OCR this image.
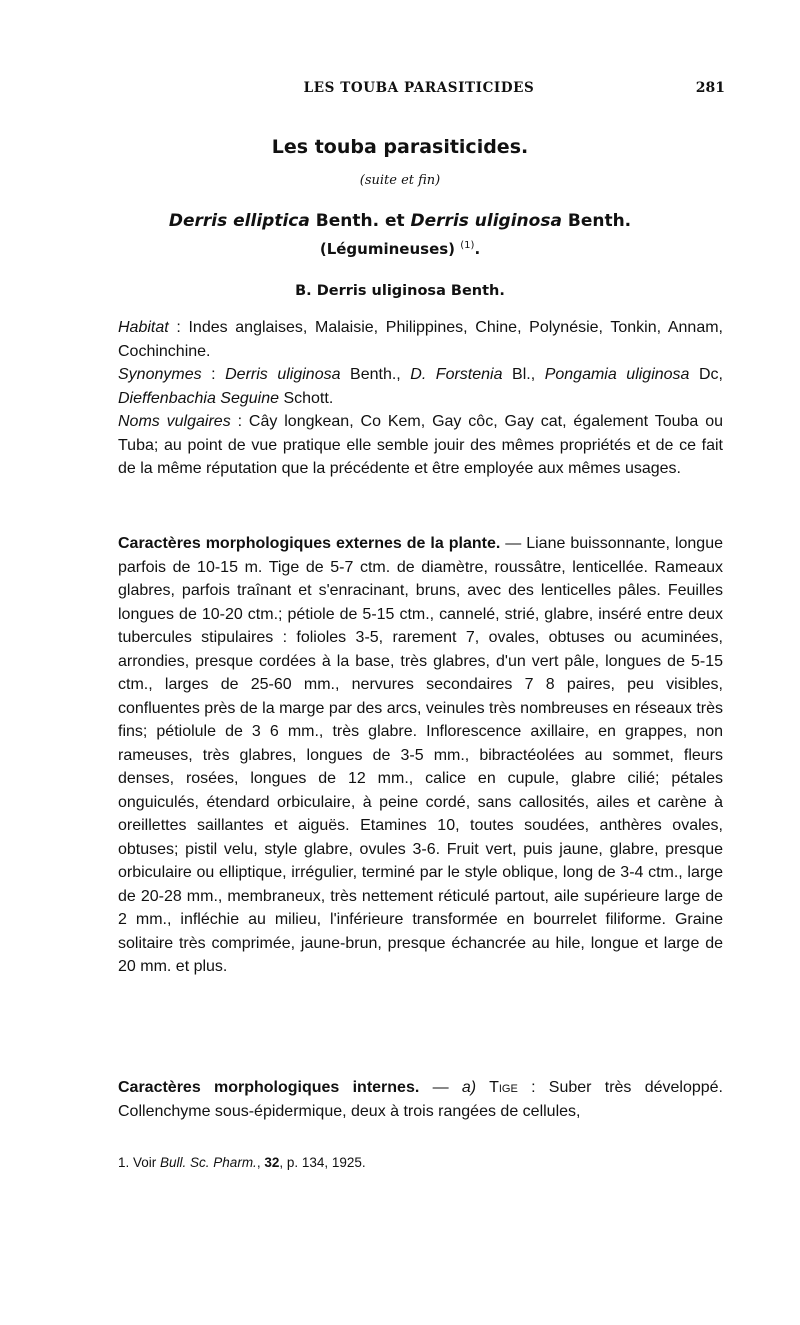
LES TOUBA PARASITICIDES	281
Les touba parasiticides.
(suite et fin)
Derris elliptica Benth. et Derris uliginosa Benth.
(Légumineuses) $^{(1)}$.
B. Derris uliginosa Benth.

Habitat : Indes anglaises, Malaisie, Philippines, Chine, Polynésie, Tonkin, Annam, Cochinchine.

Synonymes : Derris uliginosa Benth., D. Forstenia Bl., Pongamia uliginosa Dc, Dieffenbachia Seguine Schott.

Noms vulgaires : Câу longkean, Co Kem, Gay côc, Gay cat, également Touba ou Tuba; au point de vue pratique elle semble jouir des mêmes propriétés et de ce fait de la même réputation que la précédente et être employée aux mêmes usages.

Caractères morphologiques externes de la plante. — Liane buissonnante, longue parfois de 10-15 m. Tige de 5-7 ctm. de diamètre, roussâtre, lenticellée. Rameaux glabres, parfois traînant et s'enracinant, bruns, avec des lenticelles pâles. Feuilles longues de 10-20 ctm.; pétiole de 5-15 ctm., cannelé, strié, glabre, inséré entre deux tubercules stipulaires : folioles 3-5, rarement 7, ovales, obtuses ou acuminées, arrondies, presque cordées à la base, très glabres, d'un vert pâle, longues de 5-15 ctm., larges de 25-60 mm., nervures secondaires 7 8 paires, peu visibles, confluentes près de la marge par des arcs, veinules très nombreuses en réseaux très fins; pétiolule de 3 6 mm., très glabre. Inflorescence axillaire, en grappes, non rameuses, très glabres, longues de 3-5 mm., bibractéolées au sommet, fleurs denses, rosées, longues de 12 mm., calice en cupule, glabre cilié; pétales onguiculés, étendard orbiculaire, à peine cordé, sans callosités, ailes et carène à oreillettes saillantes et aiguës. Etamines 10, toutes soudées, anthères ovales, obtuses; pistil velu, style glabre, ovules 3-6. Fruit vert, puis jaune, glabre, presque orbiculaire ou elliptique, irrégulier, terminé par le style oblique, long de 3-4 ctm., large de 20-28 mm., membraneux, très nettement réticulé partout, aile supérieure large de 2 mm., infléchie au milieu, l'inférieure transformée en bourrelet filiforme. Graine solitaire très comprimée, jaune-brun, presque échancrée au hile, longue et large de 20 mm. et plus.

Caractères morphologiques internes. — a) Tige : Suber très développé. Collenchyme sous-épidermique, deux à trois rangées de cellules,

1. Voir Bull. Sc. Pharm., 32, p. 134, 1925.
